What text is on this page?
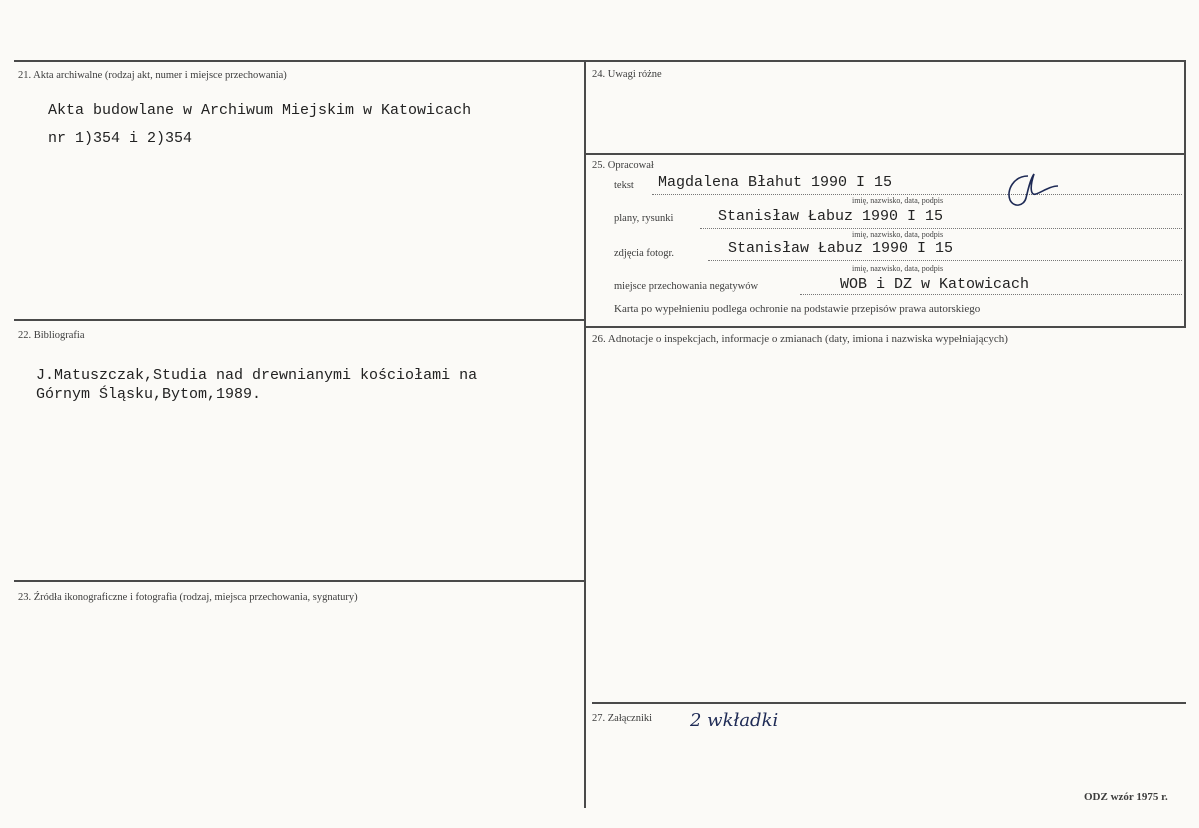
21. Akta archiwalne (rodzaj akt, numer i miejsce przechowania)
Akta budowlane w Archiwum Miejskim w Katowicach
nr 1)354 i 2)354
22. Bibliografia
J.Matuszczak,Studia nad drewnianymi kościołami na
Górnym Śląsku,Bytom,1989.
23. Źródła ikonograficzne i fotografia (rodzaj, miejsca przechowania, sygnatury)
24. Uwagi różne
25. Opracował
tekst Magdalena Błahut 1990 I 15
imię, nazwisko, data, podpis
plany, rysunki	Stanisław Łabuz 1990 I 15
imię, nazwisko, data, podpis
zdjęcia fotogr.	Stanisław Łabuz 1990 I 15
imię, nazwisko, data, podpis
miejsce przechowania negatywów	WOB i DZ w Katowicach
Karta po wypełnieniu podlega ochronie na podstawie przepisów prawa autorskiego
26. Adnotacje o inspekcjach, informacje o zmianach (daty, imiona i nazwiska wypełniających)
27. Załączniki 2 wkładki
ODZ wzór 1975 r.
